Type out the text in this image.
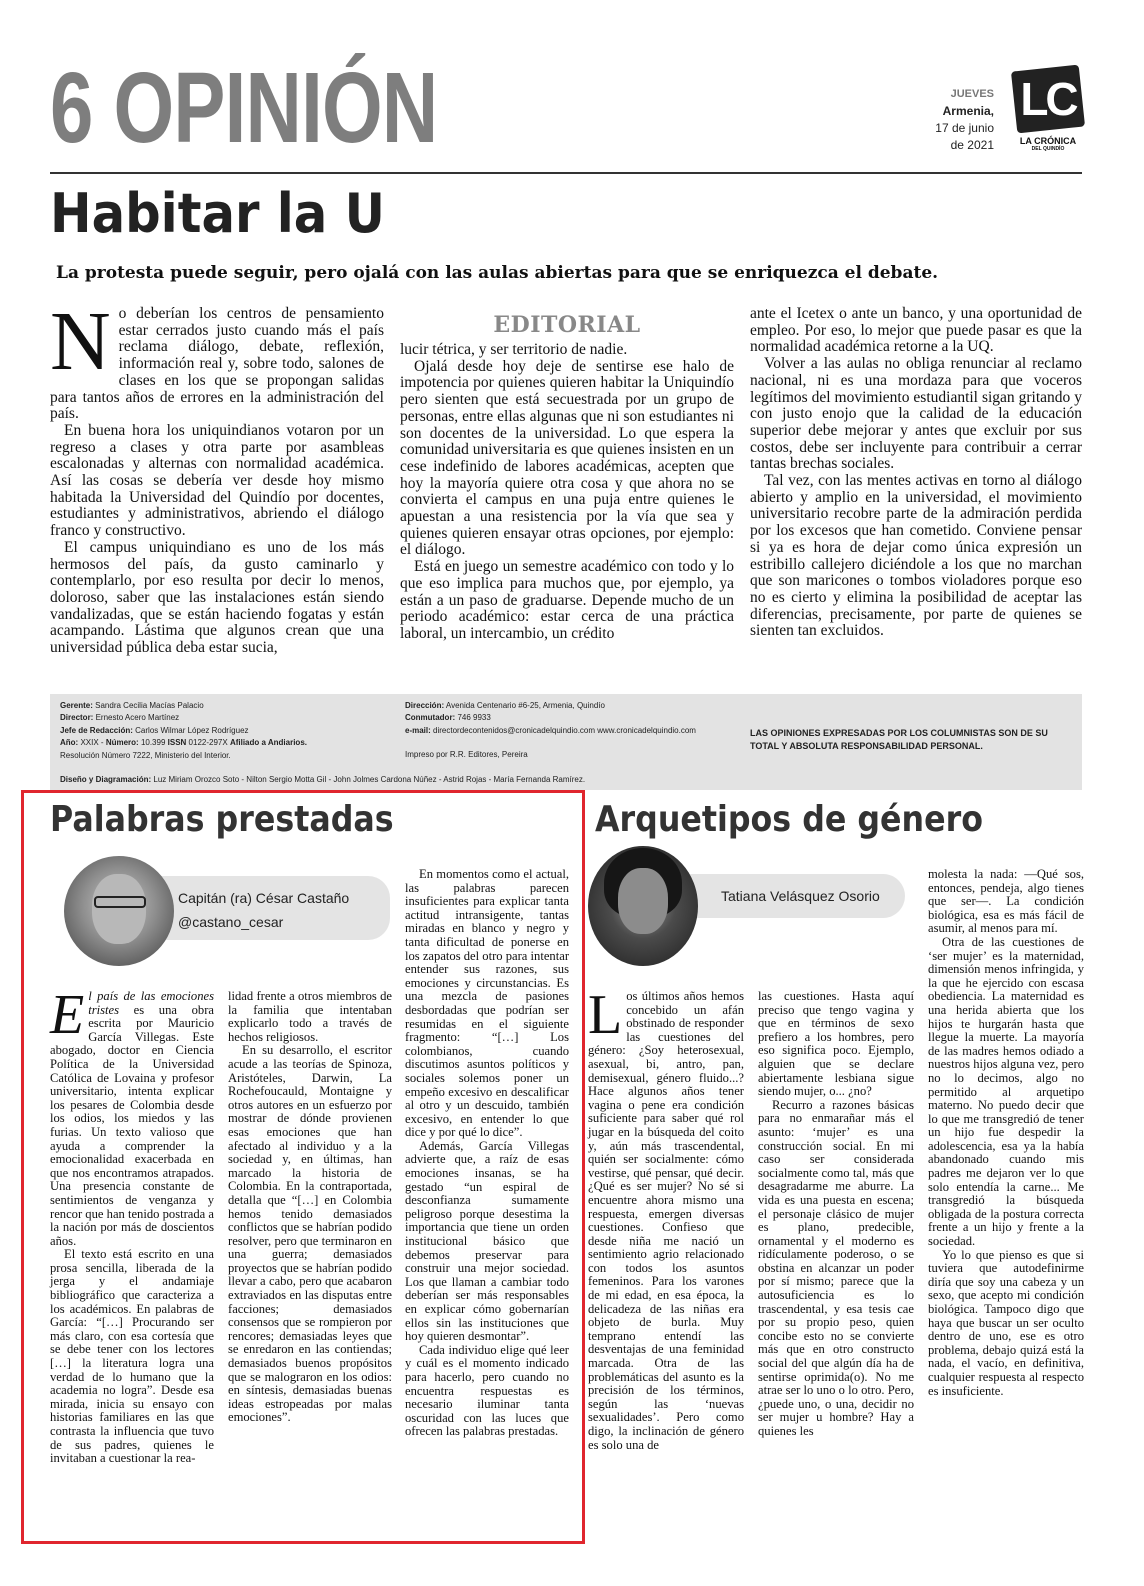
6 OPINIÓN	JUEVES
Armenia,
17 de junio
de 2021
LC
LA CRÓNICA
DEL QUINDÍO
Habitar la U
La protesta puede seguir, pero ojalá con las aulas abiertas para que se enriquezca el debate.
EDITORIAL

No deberían los centros de pensamiento estar cerrados justo cuando más el país reclama diálogo, debate, reflexión, información real y, sobre todo, salones de clases en los que se propongan salidas para tantos años de errores en la administración del país.

En buena hora los uniquindianos votaron por un regreso a clases y otra parte por asambleas escalonadas y alternas con normalidad académica. Así las cosas se debería ver desde hoy mismo habitada la Universidad del Quindío por docentes, estudiantes y administrativos, abriendo el diálogo franco y constructivo.

El campus uniquindiano es uno de los más hermosos del país, da gusto caminarlo y contemplarlo, por eso resulta por decir lo menos, doloroso, saber que las instalaciones están siendo vandalizadas, que se están haciendo fogatas y están acampando. Lástima que algunos crean que una universidad pública deba estar sucia,

lucir tétrica, y ser territorio de nadie.

Ojalá desde hoy deje de sentirse ese halo de impotencia por quienes quieren habitar la Uniquindío pero sienten que está secuestrada por un grupo de personas, entre ellas algunas que ni son estudiantes ni son docentes de la universidad. Lo que espera la comunidad universitaria es que quienes insisten en un cese indefinido de labores académicas, acepten que hoy la mayoría quiere otra cosa y que ahora no se convierta el campus en una puja entre quienes le apuestan a una resistencia por la vía que sea y quienes quieren ensayar otras opciones, por ejemplo: el diálogo.

Está en juego un semestre académico con todo y lo que eso implica para muchos que, por ejemplo, ya están a un paso de graduarse. Depende mucho de un periodo académico: estar cerca de una práctica laboral, un intercambio, un crédito

ante el Icetex o ante un banco, y una oportunidad de empleo. Por eso, lo mejor que puede pasar es que la normalidad académica retorne a la UQ.

Volver a las aulas no obliga renunciar al reclamo nacional, ni es una mordaza para que voceros legítimos del movimiento estudiantil sigan gritando y con justo enojo que la calidad de la educación superior debe mejorar y antes que excluir por sus costos, debe ser incluyente para contribuir a cerrar tantas brechas sociales.

Tal vez, con las mentes activas en torno al diálogo abierto y amplio en la universidad, el movimiento universitario recobre parte de la admiración perdida por los excesos que han cometido. Conviene pensar si ya es hora de dejar como única expresión un estribillo callejero diciéndole a los que no marchan que son maricones o tombos violadores porque eso no es cierto y elimina la posibilidad de aceptar las diferencias, precisamente, por parte de quienes se sienten tan excluidos.

Gerente: Sandra Cecilia Macías Palacio
Director: Ernesto Acero Martínez
Jefe de Redacción: Carlos Wilmar López Rodríguez
Año: XXIX - Número: 10.399 ISSN 0122-297X Afiliado a Andiarios.
Resolución Número 7222, Ministerio del Interior.
Dirección: Avenida Centenario #6-25, Armenia, Quindío
Conmutador: 746 9933
e-mail: directordecontenidos@cronicadelquindio.com www.cronicadelquindio.com
Impreso por R.R. Editores, Pereira
LAS OPINIONES EXPRESADAS POR LOS COLUMNISTAS SON DE SU TOTAL Y ABSOLUTA RESPONSABILIDAD PERSONAL.
Diseño y Diagramación: Luz Miriam Orozco Soto - Nilton Sergio Motta Gil - John Jolmes Cardona Núñez - Astrid Rojas - María Fernanda Ramírez.
Palabras prestadas
Capitán (ra) César Castaño
@castano_cesar

El país de las emociones tristes es una obra escrita por Mauricio García Villegas. Este abogado, doctor en Ciencia Política de la Universidad Católica de Lovaina y profesor universitario, intenta explicar los pesares de Colombia desde los odios, los miedos y las furias. Un texto valioso que ayuda a comprender la emocionalidad exacerbada en que nos encontramos atrapados. Una presencia constante de sentimientos de venganza y rencor que han tenido postrada a la nación por más de doscientos años.

El texto está escrito en una prosa sencilla, liberada de la jerga y el andamiaje bibliográfico que caracteriza a los académicos. En palabras de García: “[…] Procurando ser más claro, con esa cortesía que se debe tener con los lectores […] la literatura logra una verdad de lo humano que la academia no logra”. Desde esa mirada, inicia su ensayo con historias familiares en las que contrasta la influencia que tuvo de sus padres, quienes le invitaban a cuestionar la rea-

lidad frente a otros miembros de la familia que intentaban explicarlo todo a través de hechos religiosos.

En su desarrollo, el escritor acude a las teorías de Spinoza, Aristóteles, Darwin, La Rochefoucauld, Montaigne y otros autores en un esfuerzo por mostrar de dónde provienen esas emociones que han afectado al individuo y a la sociedad y, en últimas, han marcado la historia de Colombia. En la contraportada, detalla que “[…] en Colombia hemos tenido demasiados conflictos que se habrían podido resolver, pero que terminaron en una guerra; demasiados proyectos que se habrían podido llevar a cabo, pero que acabaron extraviados en las disputas entre facciones; demasiados consensos que se rompieron por rencores; demasiadas leyes que se enredaron en las contiendas; demasiados buenos propósitos que se malograron en los odios: en síntesis, demasiadas buenas ideas estropeadas por malas emociones”.

En momentos como el actual, las palabras parecen insuficientes para explicar tanta actitud intransigente, tantas miradas en blanco y negro y tanta dificultad de ponerse en los zapatos del otro para intentar entender sus razones, sus emociones y circunstancias. Es una mezcla de pasiones desbordadas que podrían ser resumidas en el siguiente fragmento: “[…] Los colombianos, cuando discutimos asuntos políticos y sociales solemos poner un empeño excesivo en descalificar al otro y un descuido, también excesivo, en entender lo que dice y por qué lo dice”.

Además, García Villegas advierte que, a raíz de esas emociones insanas, se ha gestado “un espiral de desconfianza sumamente peligroso porque desestima la importancia que tiene un orden institucional básico que debemos preservar para construir una mejor sociedad. Los que llaman a cambiar todo deberían ser más responsables en explicar cómo gobernarían ellos sin las instituciones que hoy quieren desmontar”.

Cada individuo elige qué leer y cuál es el momento indicado para hacerlo, pero cuando no encuentra respuestas es necesario iluminar tanta oscuridad con las luces que ofrecen las palabras prestadas.

Arquetipos de género
Tatiana Velásquez Osorio

Los últimos años hemos concebido un afán obstinado de responder las cuestiones del género: ¿Soy heterosexual, asexual, bi, antro, pan, demisexual, género fluido...? Hace algunos años tener vagina o pene era condición suficiente para saber qué rol jugar en la búsqueda del coito y, aún más trascendental, quién ser socialmente: cómo vestirse, qué pensar, qué decir. ¿Qué es ser mujer? No sé si encuentre ahora mismo una respuesta, emergen diversas cuestiones. Confieso que desde niña me nació un sentimiento agrio relacionado con todos los asuntos femeninos. Para los varones de mi edad, en esa época, la delicadeza de las niñas era objeto de burla. Muy temprano entendí las desventajas de una feminidad marcada. Otra de las problemáticas del asunto es la precisión de los términos, según las ‘nuevas sexualidades’. Pero como digo, la inclinación de género es solo una de

las cuestiones. Hasta aquí preciso que tengo vagina y que en términos de sexo prefiero a los hombres, pero eso significa poco. Ejemplo, alguien que se declare abiertamente lesbiana sigue siendo mujer, o... ¿no?

Recurro a razones básicas para no enmarañar más el asunto: ‘mujer’ es una construcción social. En mi caso ser considerada socialmente como tal, más que desagradarme me aburre. La vida es una puesta en escena; el personaje clásico de mujer es plano, predecible, ornamental y el moderno es ridículamente poderoso, o se obstina en alcanzar un poder por sí mismo; parece que la autosuficiencia es lo trascendental, y esa tesis cae por su propio peso, quien concibe esto no se convierte más que en otro constructo social del que algún día ha de sentirse oprimida(o). No me atrae ser lo uno o lo otro. Pero, ¿puede uno, o una, decidir no ser mujer u hombre? Hay a quienes les

molesta la nada: —Qué sos, entonces, pendeja, algo tienes que ser—. La condición biológica, esa es más fácil de asumir, al menos para mí.

Otra de las cuestiones de ‘ser mujer’ es la maternidad, dimensión menos infringida, y la que he ejercido con escasa obediencia. La maternidad es una herida abierta que los hijos te hurgarán hasta que llegue la muerte. La mayoría de las madres hemos odiado a nuestros hijos alguna vez, pero no lo decimos, algo no permitido al arquetipo materno. No puedo decir que lo que me transgredió de tener un hijo fue despedir la adolescencia, esa ya la había abandonado cuando mis padres me dejaron ver lo que solo entendía la carne... Me transgredió la búsqueda obligada de la postura correcta frente a un hijo y frente a la sociedad.

Yo lo que pienso es que si tuviera que autodefinirme diría que soy una cabeza y un sexo, que acepto mi condición biológica. Tampoco digo que haya que buscar un ser oculto dentro de uno, ese es otro problema, debajo quizá está la nada, el vacío, en definitiva, cualquier respuesta al respecto es insuficiente.
